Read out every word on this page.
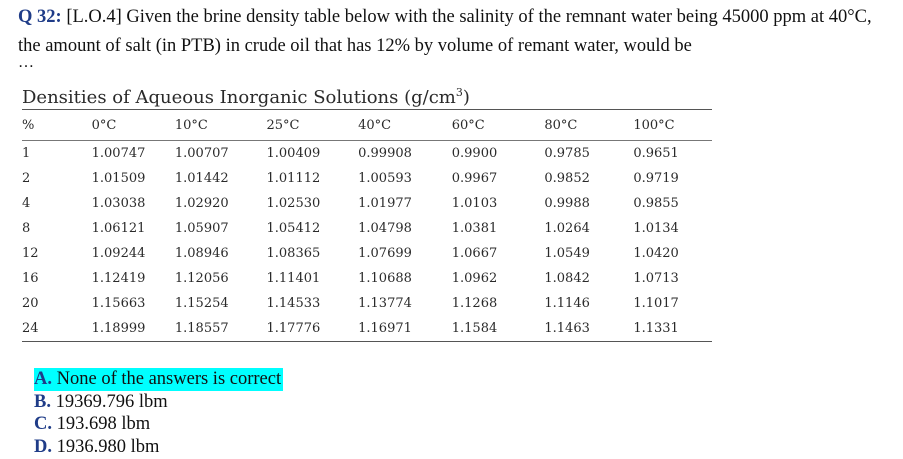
Q 32: [L.O.4] Given the brine density table below with the salinity of the remnant water being 45000 ppm at 40°C, the amount of salt (in PTB) in crude oil that has 12% by volume of remant water, would be
…
Densities of Aqueous Inorganic Solutions $(g/cm^3)$
%	0°C	10°C	25°C	40°C	60°C	80°C	100°C
1	1.00747	1.00707	1.00409	0.99908	0.9900	0.9785	0.9651
2	1.01509	1.01442	1.01112	1.00593	0.9967	0.9852	0.9719
4	1.03038	1.02920	1.02530	1.01977	1.0103	0.9988	0.9855
8	1.06121	1.05907	1.05412	1.04798	1.0381	1.0264	1.0134
12	1.09244	1.08946	1.08365	1.07699	1.0667	1.0549	1.0420
16	1.12419	1.12056	1.11401	1.10688	1.0962	1.0842	1.0713
20	1.15663	1.15254	1.14533	1.13774	1.1268	1.1146	1.1017
24	1.18999	1.18557	1.17776	1.16971	1.1584	1.1463	1.1331
A. None of the answers is correct
B. 19369.796 lbm
C. 193.698 lbm
D. 1936.980 lbm
